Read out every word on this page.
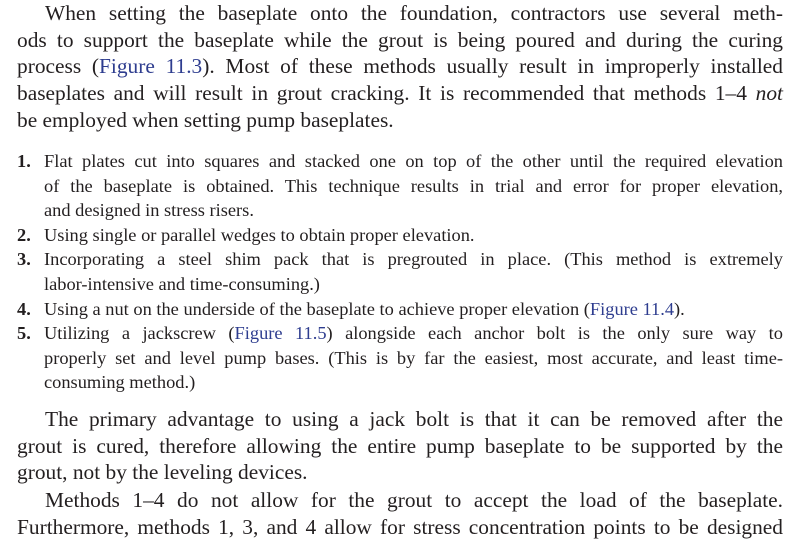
When setting the baseplate onto the foundation, contractors use several meth-
ods to support the baseplate while the grout is being poured and during the curing
process (Figure 11.3). Most of these methods usually result in improperly installed
baseplates and will result in grout cracking. It is recommended that methods 1–4 not
be employed when setting pump baseplates.
1. Flat plates cut into squares and stacked one on top of the other until the required elevation
of the baseplate is obtained. This technique results in trial and error for proper elevation,
and designed in stress risers.
2. Using single or parallel wedges to obtain proper elevation.
3. Incorporating a steel shim pack that is pregrouted in place. (This method is extremely
labor-intensive and time-consuming.)
4. Using a nut on the underside of the baseplate to achieve proper elevation (Figure 11.4).
5. Utilizing a jackscrew (Figure 11.5) alongside each anchor bolt is the only sure way to
properly set and level pump bases. (This is by far the easiest, most accurate, and least time-
consuming method.)
The primary advantage to using a jack bolt is that it can be removed after the
grout is cured, therefore allowing the entire pump baseplate to be supported by the
grout, not by the leveling devices.
Methods 1–4 do not allow for the grout to accept the load of the baseplate.
Furthermore, methods 1, 3, and 4 allow for stress concentration points to be designed
